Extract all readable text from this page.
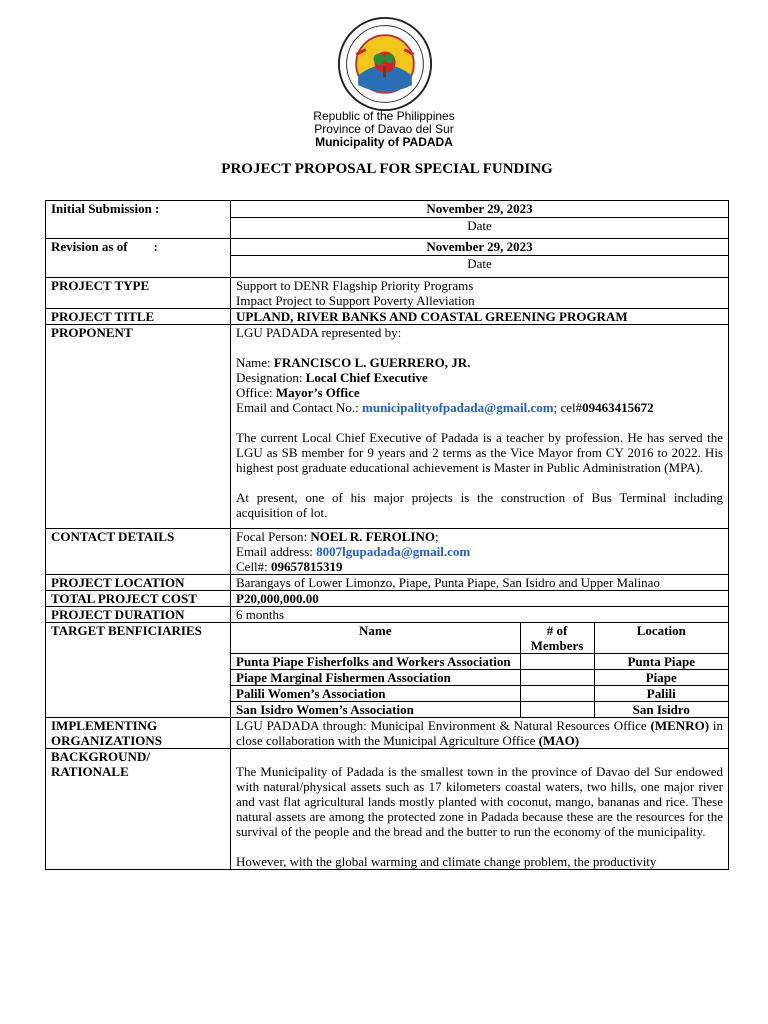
Republic of the Philippines
Province of Davao del Sur
Municipality of PADADA
PROJECT PROPOSAL FOR SPECIAL FUNDING
Initial Submission :	November 29, 2023
Date
Revision as of        :	November 29, 2023
Date
PROJECT TYPE	Support to DENR Flagship Priority Programs
Impact Project to Support Poverty Alleviation

PROJECT TITLE	UPLAND, RIVER BANKS AND COASTAL GREENING PROGRAM
PROPONENT	LGU PADADA represented by:
Name: FRANCISCO L. GUERRERO, JR.
Designation: Local Chief Executive
Office: Mayor’s Office
Email and Contact No.: municipalityofpadada@gmail.com; cel#09463415672
The current Local Chief Executive of Padada is a teacher by profession. He has served the LGU as SB member for 9 years and 2 terms as the Vice Mayor from CY 2016 to 2022. His highest post graduate educational achievement is Master in Public Administration (MPA).
At present, one of his major projects is the construction of Bus Terminal including acquisition of lot.

CONTACT DETAILS	Focal Person: NOEL R. FEROLINO;
Email address: 8007lgupadada@gmail.com
Cell#: 09657815319

PROJECT LOCATION	Barangays of Lower Limonzo, Piape, Punta Piape, San Isidro and Upper Malinao
TOTAL PROJECT COST	P20,000,000.00
PROJECT DURATION	6 months
TARGET BENFICIARIES		Name	# of Members	Location
Punta Piape Fisherfolks and Workers Association		Punta Piape
Piape Marginal Fishermen Association		Piape
Palili Women’s Association		Palili
San Isidro Women’s Association		San Isidro

IMPLEMENTING ORGANIZATIONS	LGU PADADA through: Municipal Environment & Natural Resources Office (MENRO) in close collaboration with the Municipal Agriculture Office (MAO)
BACKGROUND/ RATIONALE	The Municipality of Padada is the smallest town in the province of Davao del Sur endowed with natural/physical assets such as 17 kilometers coastal waters, two hills, one major river and vast flat agricultural lands mostly planted with coconut, mango, bananas and rice. These natural assets are among the protected zone in Padada because these are the resources for the survival of the people and the bread and the butter to run the economy of the municipality.
However, with the global warming and climate change problem, the productivity
